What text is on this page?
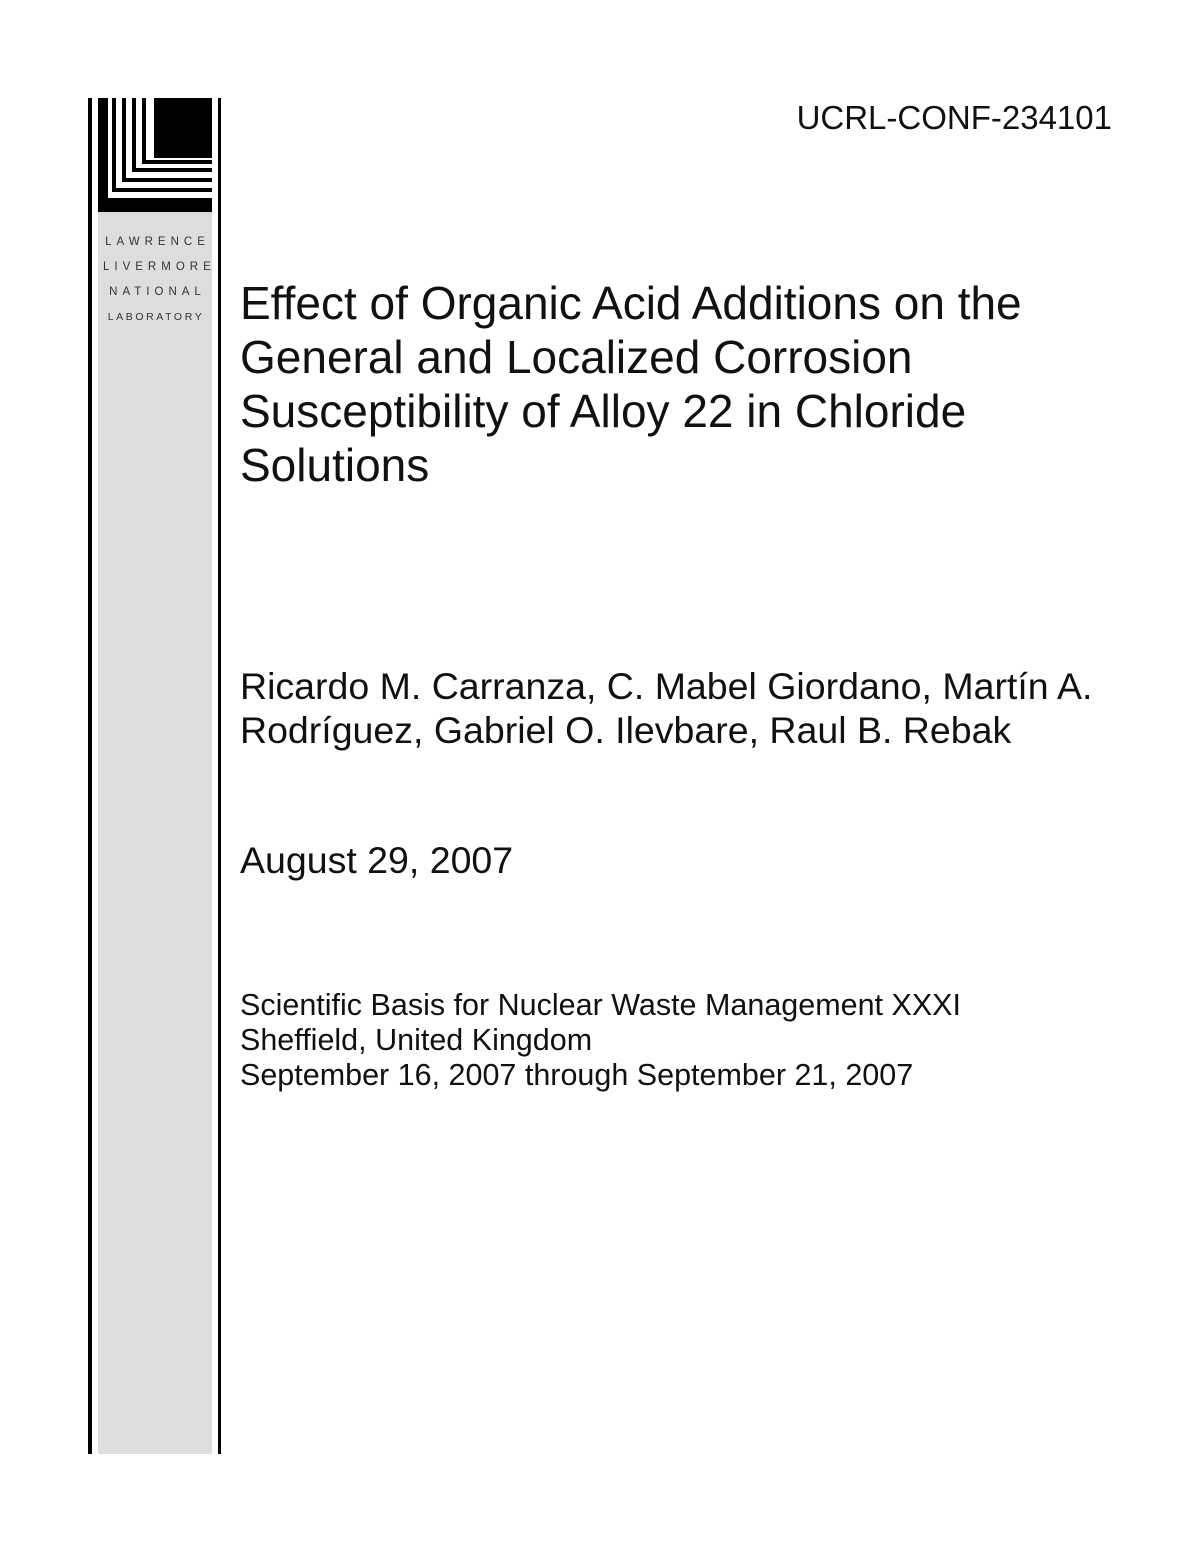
LAWRENCE
LIVERMORE
NATIONAL
LABORATORY
UCRL-CONF-234101
Effect of Organic Acid Additions on the General and Localized Corrosion Susceptibility of Alloy 22 in Chloride Solutions
Ricardo M. Carranza, C. Mabel Giordano, Martín A. Rodríguez, Gabriel O. Ilevbare, Raul B. Rebak
August 29, 2007
Scientific Basis for Nuclear Waste Management XXXI
Sheffield, United Kingdom
September 16, 2007 through September 21, 2007
